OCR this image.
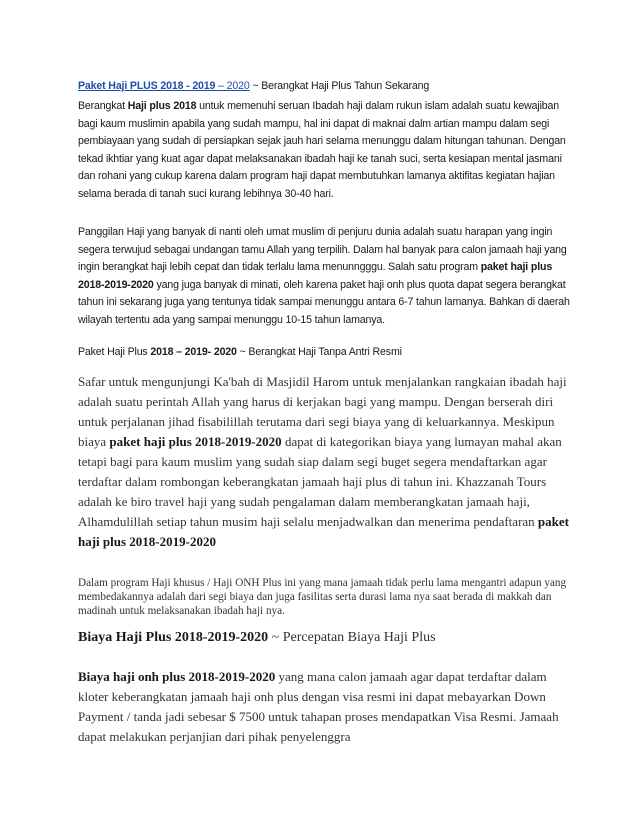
Paket Haji PLUS 2018 - 2019 – 2020 ~ Berangkat Haji Plus Tahun Sekarang

Berangkat Haji plus 2018 untuk memenuhi seruan Ibadah haji dalam rukun islam adalah suatu kewajiban bagi kaum muslimin apabila yang sudah mampu, hal ini dapat di maknai dalm artian mampu dalam segi pembiayaan yang sudah di persiapkan sejak jauh hari selama menunggu dalam hitungan tahunan. Dengan tekad ikhtiar yang kuat agar dapat melaksanakan ibadah haji ke tanah suci, serta kesiapan mental jasmani dan rohani yang cukup karena dalam program haji dapat membutuhkan lamanya aktifitas kegiatan hajian selama berada di tanah suci kurang lebihnya 30-40 hari.

Panggilan Haji yang banyak di nanti oleh umat muslim di penjuru dunia adalah suatu harapan yang ingin segera terwujud sebagai undangan tamu Allah yang terpilih. Dalam hal banyak para calon jamaah haji yang ingin berangkat haji lebih cepat dan tidak terlalu lama menunngggu. Salah satu program paket haji plus 2018-2019-2020 yang juga banyak di minati, oleh karena paket haji onh plus quota dapat segera berangkat tahun ini sekarang juga yang tentunya tidak sampai menunggu antara 6-7 tahun lamanya. Bahkan di daerah wilayah tertentu ada yang sampai menunggu 10-15 tahun lamanya.

Paket Haji Plus 2018 – 2019- 2020 ~ Berangkat Haji Tanpa Antri Resmi

Safar untuk mengunjungi Ka'bah di Masjidil Harom untuk menjalankan rangkaian ibadah haji adalah suatu perintah Allah yang harus di kerjakan bagi yang mampu. Dengan berserah diri untuk perjalanan jihad fisabilillah terutama dari segi biaya yang di keluarkannya. Meskipun biaya paket haji plus 2018-2019-2020 dapat di kategorikan biaya yang lumayan mahal akan tetapi bagi para kaum muslim yang sudah siap dalam segi buget segera mendaftarkan agar terdaftar dalam rombongan keberangkatan jamaah haji plus di tahun ini. Khazzanah Tours adalah ke biro travel haji yang sudah pengalaman dalam memberangkatan jamaah haji, Alhamdulillah setiap tahun musim haji selalu menjadwalkan dan menerima pendaftaran paket haji plus 2018-2019-2020

Dalam program Haji khusus / Haji ONH Plus ini yang mana jamaah tidak perlu lama mengantri adapun yang membedakannya adalah dari segi biaya dan juga fasilitas serta durasi lama nya saat berada di makkah dan madinah untuk melaksanakan ibadah haji nya.

Biaya Haji Plus 2018-2019-2020 ~ Percepatan Biaya Haji Plus

Biaya haji onh plus 2018-2019-2020 yang mana calon jamaah agar dapat terdaftar dalam kloter keberangkatan jamaah haji onh plus dengan visa resmi ini dapat mebayarkan Down Payment / tanda jadi sebesar $ 7500 untuk tahapan proses mendapatkan Visa Resmi. Jamaah dapat melakukan perjanjian dari pihak penyelenggra
